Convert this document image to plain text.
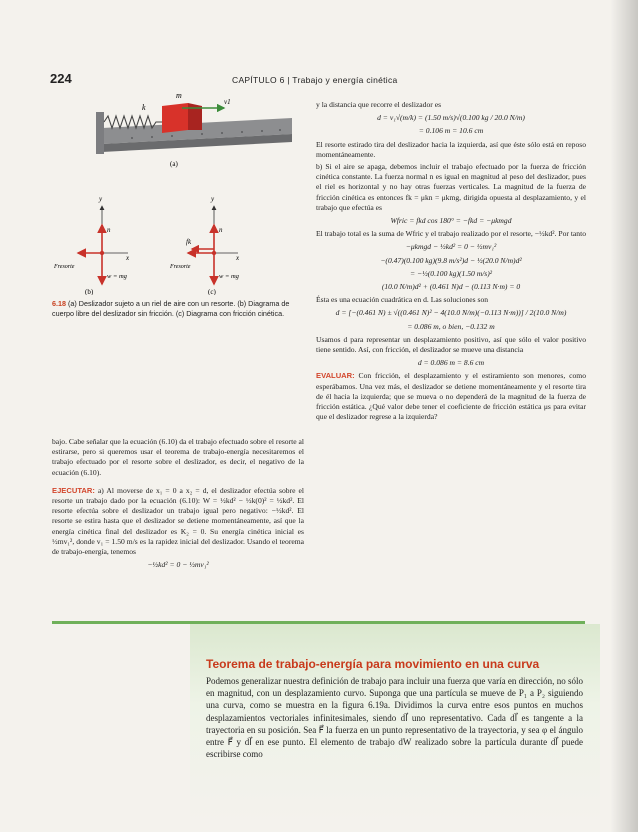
224	CAPÍTULO 6 | Trabajo y energía cinética
k
m
v1
(a)
y
x
n
Fresorte
w = mg
(b)
y
x
n
fk
Fresorte
w = mg
(c)
6.18 (a) Deslizador sujeto a un riel de aire con un resorte. (b) Diagrama de cuerpo libre del deslizador sin fricción. (c) Diagrama con fricción cinética.

bajo. Cabe señalar que la ecuación (6.10) da el trabajo efectuado sobre el resorte al estirarse, pero si queremos usar el teorema de trabajo-energía necesitaremos el trabajo efectuado por el resorte sobre el deslizador, es decir, el negativo de la ecuación (6.10).

EJECUTAR: a) Al moverse de x₁ = 0 a x₂ = d, el deslizador efectúa sobre el resorte un trabajo dado por la ecuación (6.10): W = ½kd² − ½k(0)² = ½kd². El resorte efectúa sobre el deslizador un trabajo igual pero negativo: −½kd². El resorte se estira hasta que el deslizador se detiene momentáneamente, así que la energía cinética final del deslizador es K₂ = 0. Su energía cinética inicial es ½mv₁², donde v₁ = 1.50 m/s es la rapidez inicial del deslizador. Usando el teorema de trabajo-energía, tenemos

−½kd² = 0 − ½mv₁²

y la distancia que recorre el deslizador es

d = v₁√(m/k) = (1.50 m/s)√(0.100 kg / 20.0 N/m)
= 0.106 m = 10.6 cm

El resorte estirado tira del deslizador hacia la izquierda, así que éste sólo está en reposo momentáneamente.

b) Si el aire se apaga, debemos incluir el trabajo efectuado por la fuerza de fricción cinética constante. La fuerza normal n es igual en magnitud al peso del deslizador, pues el riel es horizontal y no hay otras fuerzas verticales. La magnitud de la fuerza de fricción cinética es entonces fk = μkn = μkmg, dirigida opuesta al desplazamiento, y el trabajo que efectúa es

Wfric = fkd cos 180° = −fkd = −μkmgd

El trabajo total es la suma de Wfric y el trabajo realizado por el resorte, −½kd². Por tanto

−μkmgd − ½kd² = 0 − ½mv₁²
−(0.47)(0.100 kg)(9.8 m/s²)d − ½(20.0 N/m)d²
= −½(0.100 kg)(1.50 m/s)²
(10.0 N/m)d² + (0.461 N)d − (0.113 N·m) = 0

Ésta es una ecuación cuadrática en d. Las soluciones son

d = [−(0.461 N) ± √((0.461 N)² − 4(10.0 N/m)(−0.113 N·m))] / 2(10.0 N/m)
= 0.086 m, o bien, −0.132 m

Usamos d para representar un desplazamiento positivo, así que sólo el valor positivo tiene sentido. Así, con fricción, el deslizador se mueve una distancia

d = 0.086 m = 8.6 cm

EVALUAR: Con fricción, el desplazamiento y el estiramiento son menores, como esperábamos. Una vez más, el deslizador se detiene momentáneamente y el resorte tira de él hacia la izquierda; que se mueva o no dependerá de la magnitud de la fuerza de fricción estática. ¿Qué valor debe tener el coeficiente de fricción estática μs para evitar que el deslizador regrese a la izquierda?

Teorema de trabajo-energía para movimiento en una curva
Podemos generalizar nuestra definición de trabajo para incluir una fuerza que varía en dirección, no sólo en magnitud, con un desplazamiento curvo. Suponga que una partícula se mueve de P₁ a P₂ siguiendo una curva, como se muestra en la figura 6.19a. Dividimos la curva entre esos puntos en muchos desplazamientos vectoriales infinitesimales, siendo dl⃗ uno representativo. Cada dl⃗ es tangente a la trayectoria en su posición. Sea F⃗ la fuerza en un punto representativo de la trayectoria, y sea φ el ángulo entre F⃗ y dl⃗ en ese punto. El elemento de trabajo dW realizado sobre la partícula durante dl⃗ puede escribirse como
